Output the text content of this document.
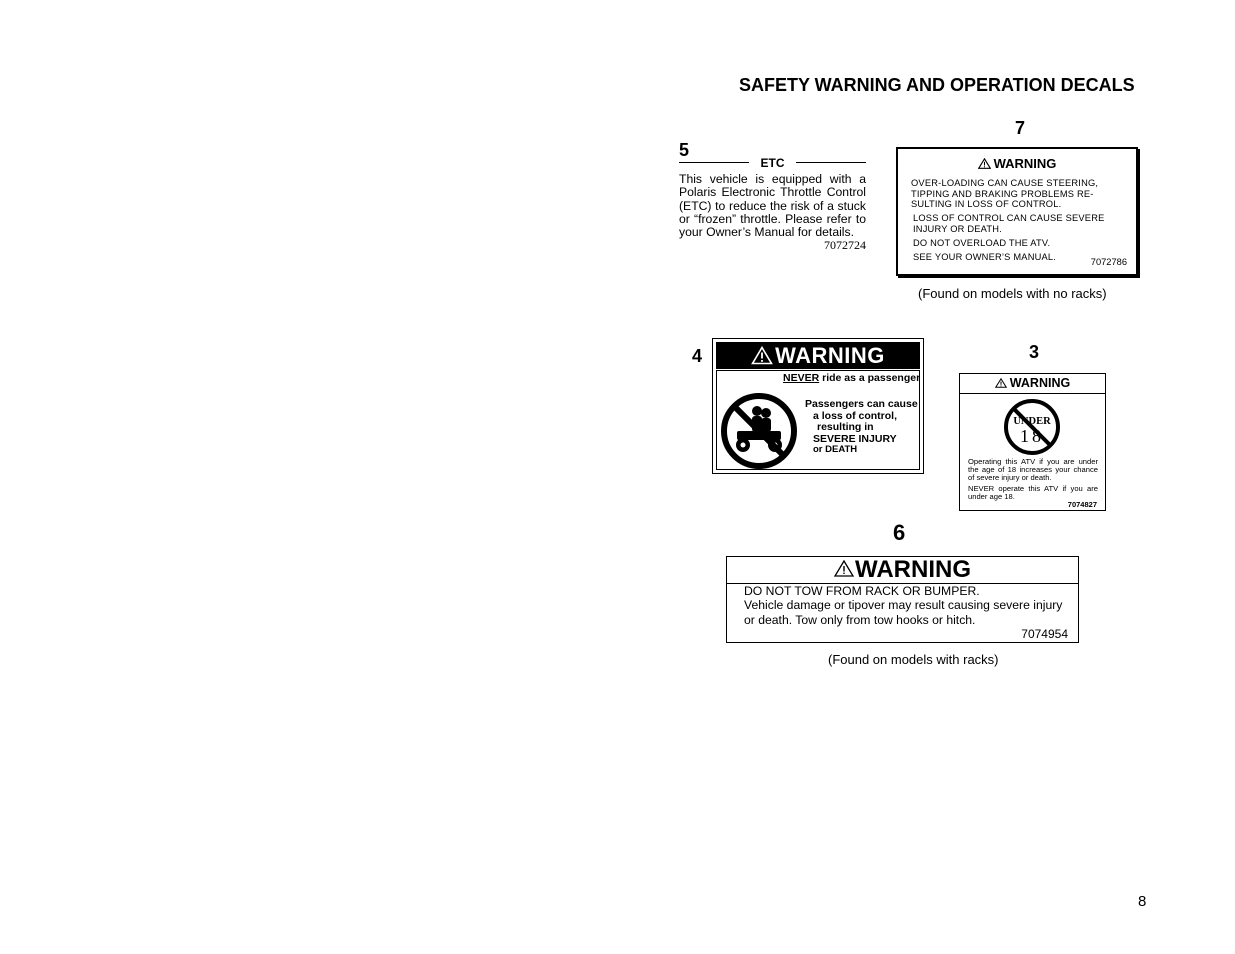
SAFETY WARNING AND OPERATION DECALS
5
ETC
This vehicle is equipped with a Polaris Electronic Throttle Control (ETC) to reduce the risk of a stuck or “frozen” throttle. Please refer to your Owner’s Manual for details.
7072724
7
WARNING
OVER-LOADING CAN CAUSE STEERING, TIPPING AND BRAKING PROBLEMS RE- SULTING IN LOSS OF CONTROL.
LOSS OF CONTROL CAN CAUSE SEVERE INJURY OR DEATH.
DO NOT OVERLOAD THE ATV.
SEE YOUR OWNER’S MANUAL.	7072786
(Found on models with no racks)
4	WARNING
NEVER ride as a passenger
Passengers can cause
a loss of control,
resulting in
SEVERE INJURY
or DEATH
3
WARNING
UNDER
18
Operating this ATV if you are under the age of 18 increases your chance of severe injury or death.
NEVER operate this ATV if you are under age 18.
7074827
6
WARNING
DO NOT TOW FROM RACK OR BUMPER.
Vehicle damage or tipover may result causing severe injury or death. Tow only from tow hooks or hitch.
7074954
(Found on models with racks)
8
